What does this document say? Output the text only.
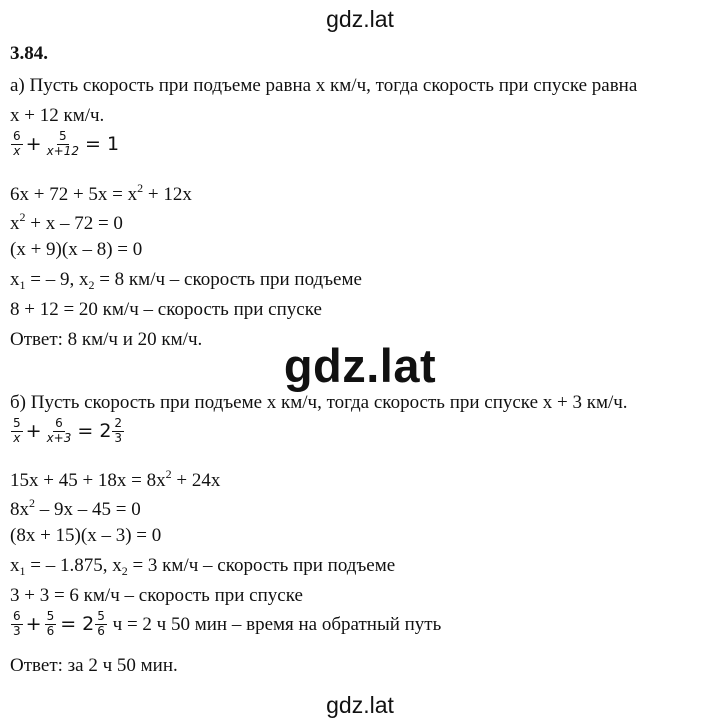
gdz.lat
3.84.
а) Пусть скорость при подъеме равна x км/ч, тогда скорость при спуске равна
x + 12 км/ч.
$\frac{6}{x} + \frac{5}{x+12} = 1$
$6x + 72 + 5x = x^2 + 12x$
$x^2 + x - 72 = 0$
(x + 9)(x – 8) = 0
$x_1$ = – 9, $x_2 = 8$ км/ч – скорость при подъеме
8 + 12 = 20 км/ч – скорость при спуске
Ответ: 8 км/ч и 20 км/ч.	gdz.lat
б) Пусть скорость при подъеме x км/ч, тогда скорость при спуске x + 3 км/ч.
$\frac{5}{x} + \frac{6}{x+3} = 2 \frac{2}{3}$
$15x + 45 + 18x = 8x^2 + 24x$
$8x^2 - 9x - 45 = 0$
(8x + 15)(x – 3) = 0
$x_1$ = – 1.875, $x_2 = 3$ км/ч – скорость при подъеме
3 + 3 = 6 км/ч – скорость при спуске
$\frac{6}{3} + \frac{5}{6} = 2 \frac{5}{6}$ ч = 2 ч 50 мин – время на обратный путь
Ответ: за 2 ч 50 мин.
gdz.lat
